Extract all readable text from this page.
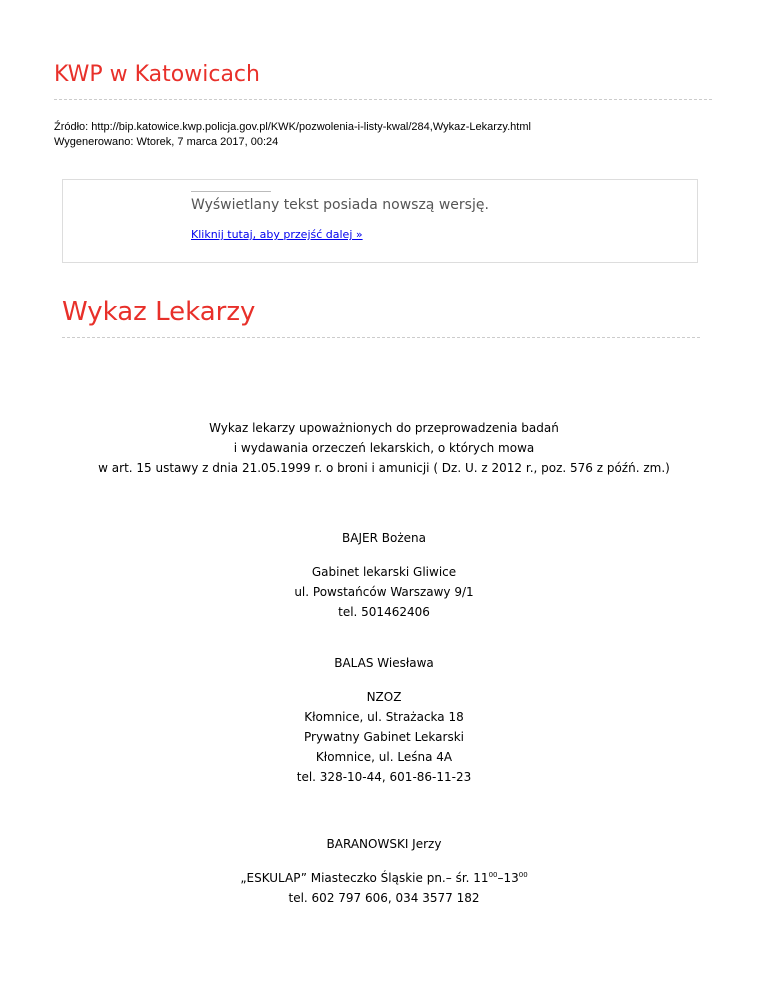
KWP w Katowicach
Źródło: http://bip.katowice.kwp.policja.gov.pl/KWK/pozwolenia-i-listy-kwal/284,Wykaz-Lekarzy.html
Wygenerowano: Wtorek, 7 marca 2017, 00:24
Wyświetlany tekst posiada nowszą wersję.
Kliknij tutaj, aby przejść dalej »
Wykaz Lekarzy
Wykaz lekarzy upoważnionych do przeprowadzenia badań
i wydawania orzeczeń lekarskich, o których mowa
w art. 15 ustawy z dnia 21.05.1999 r. o broni i amunicji ( Dz. U. z 2012 r., poz. 576 z późń. zm.)
BAJER Bożena
Gabinet lekarski Gliwice
ul. Powstańców Warszawy 9/1
tel. 501462406
BALAS Wiesława
NZOZ
Kłomnice, ul. Strażacka 18
Prywatny Gabinet Lekarski
Kłomnice, ul. Leśna 4A
tel. 328-10-44, 601-86-11-23
BARANOWSKI Jerzy
„ESKULAP” Miasteczko Śląskie pn.– śr. $11^{00}-13^{00}$
tel. 602 797 606, 034 3577 182
